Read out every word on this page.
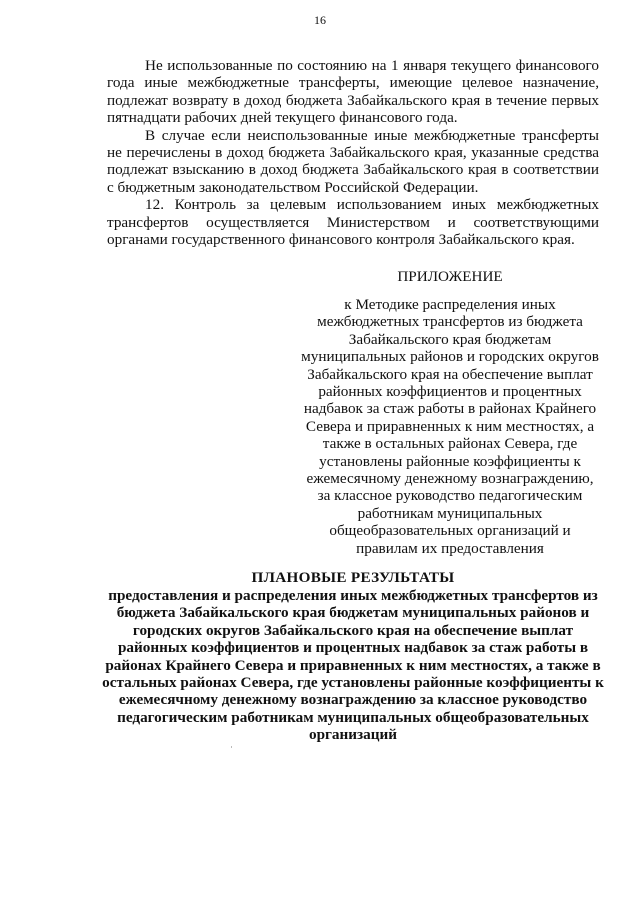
16

Не использованные по состоянию на 1 января текущего финансового года иные межбюджетные трансферты, имеющие целевое назначение, подлежат возврату в доход бюджета Забайкальского края в течение первых пятнадцати рабочих дней текущего финансового года.

В случае если неиспользованные иные межбюджетные трансферты не перечислены в доход бюджета Забайкальского края, указанные средства подлежат взысканию в доход бюджета Забайкальского края в соответствии с бюджетным законодательством Российской Федерации.

12. Контроль за целевым использованием иных межбюджетных трансфертов осуществляется Министерством и соответствующими органами государственного финансового контроля Забайкальского края.

ПРИЛОЖЕНИЕ
к Методике распределения иных
межбюджетных трансфертов из бюджета
Забайкальского края бюджетам
муниципальных районов и городских округов
Забайкальского края на обеспечение выплат
районных коэффициентов и процентных
надбавок за стаж работы в районах Крайнего
Севера и приравненных к ним местностях, а
также в остальных районах Севера, где
установлены районные коэффициенты к
ежемесячному денежному вознаграждению,
за классное руководство педагогическим
работникам муниципальных
общеобразовательных организаций и
правилам их предоставления
ПЛАНОВЫЕ РЕЗУЛЬТАТЫ
предоставления и распределения иных межбюджетных трансфертов из
бюджета Забайкальского края бюджетам муниципальных районов и
городских округов Забайкальского края на обеспечение выплат
районных коэффициентов и процентных надбавок за стаж работы в
районах Крайнего Севера и приравненных к ним местностях, а также в
остальных районах Севера, где установлены районные коэффициенты к
ежемесячному денежному вознаграждению за классное руководство
педагогическим работникам муниципальных общеобразовательных
организаций
